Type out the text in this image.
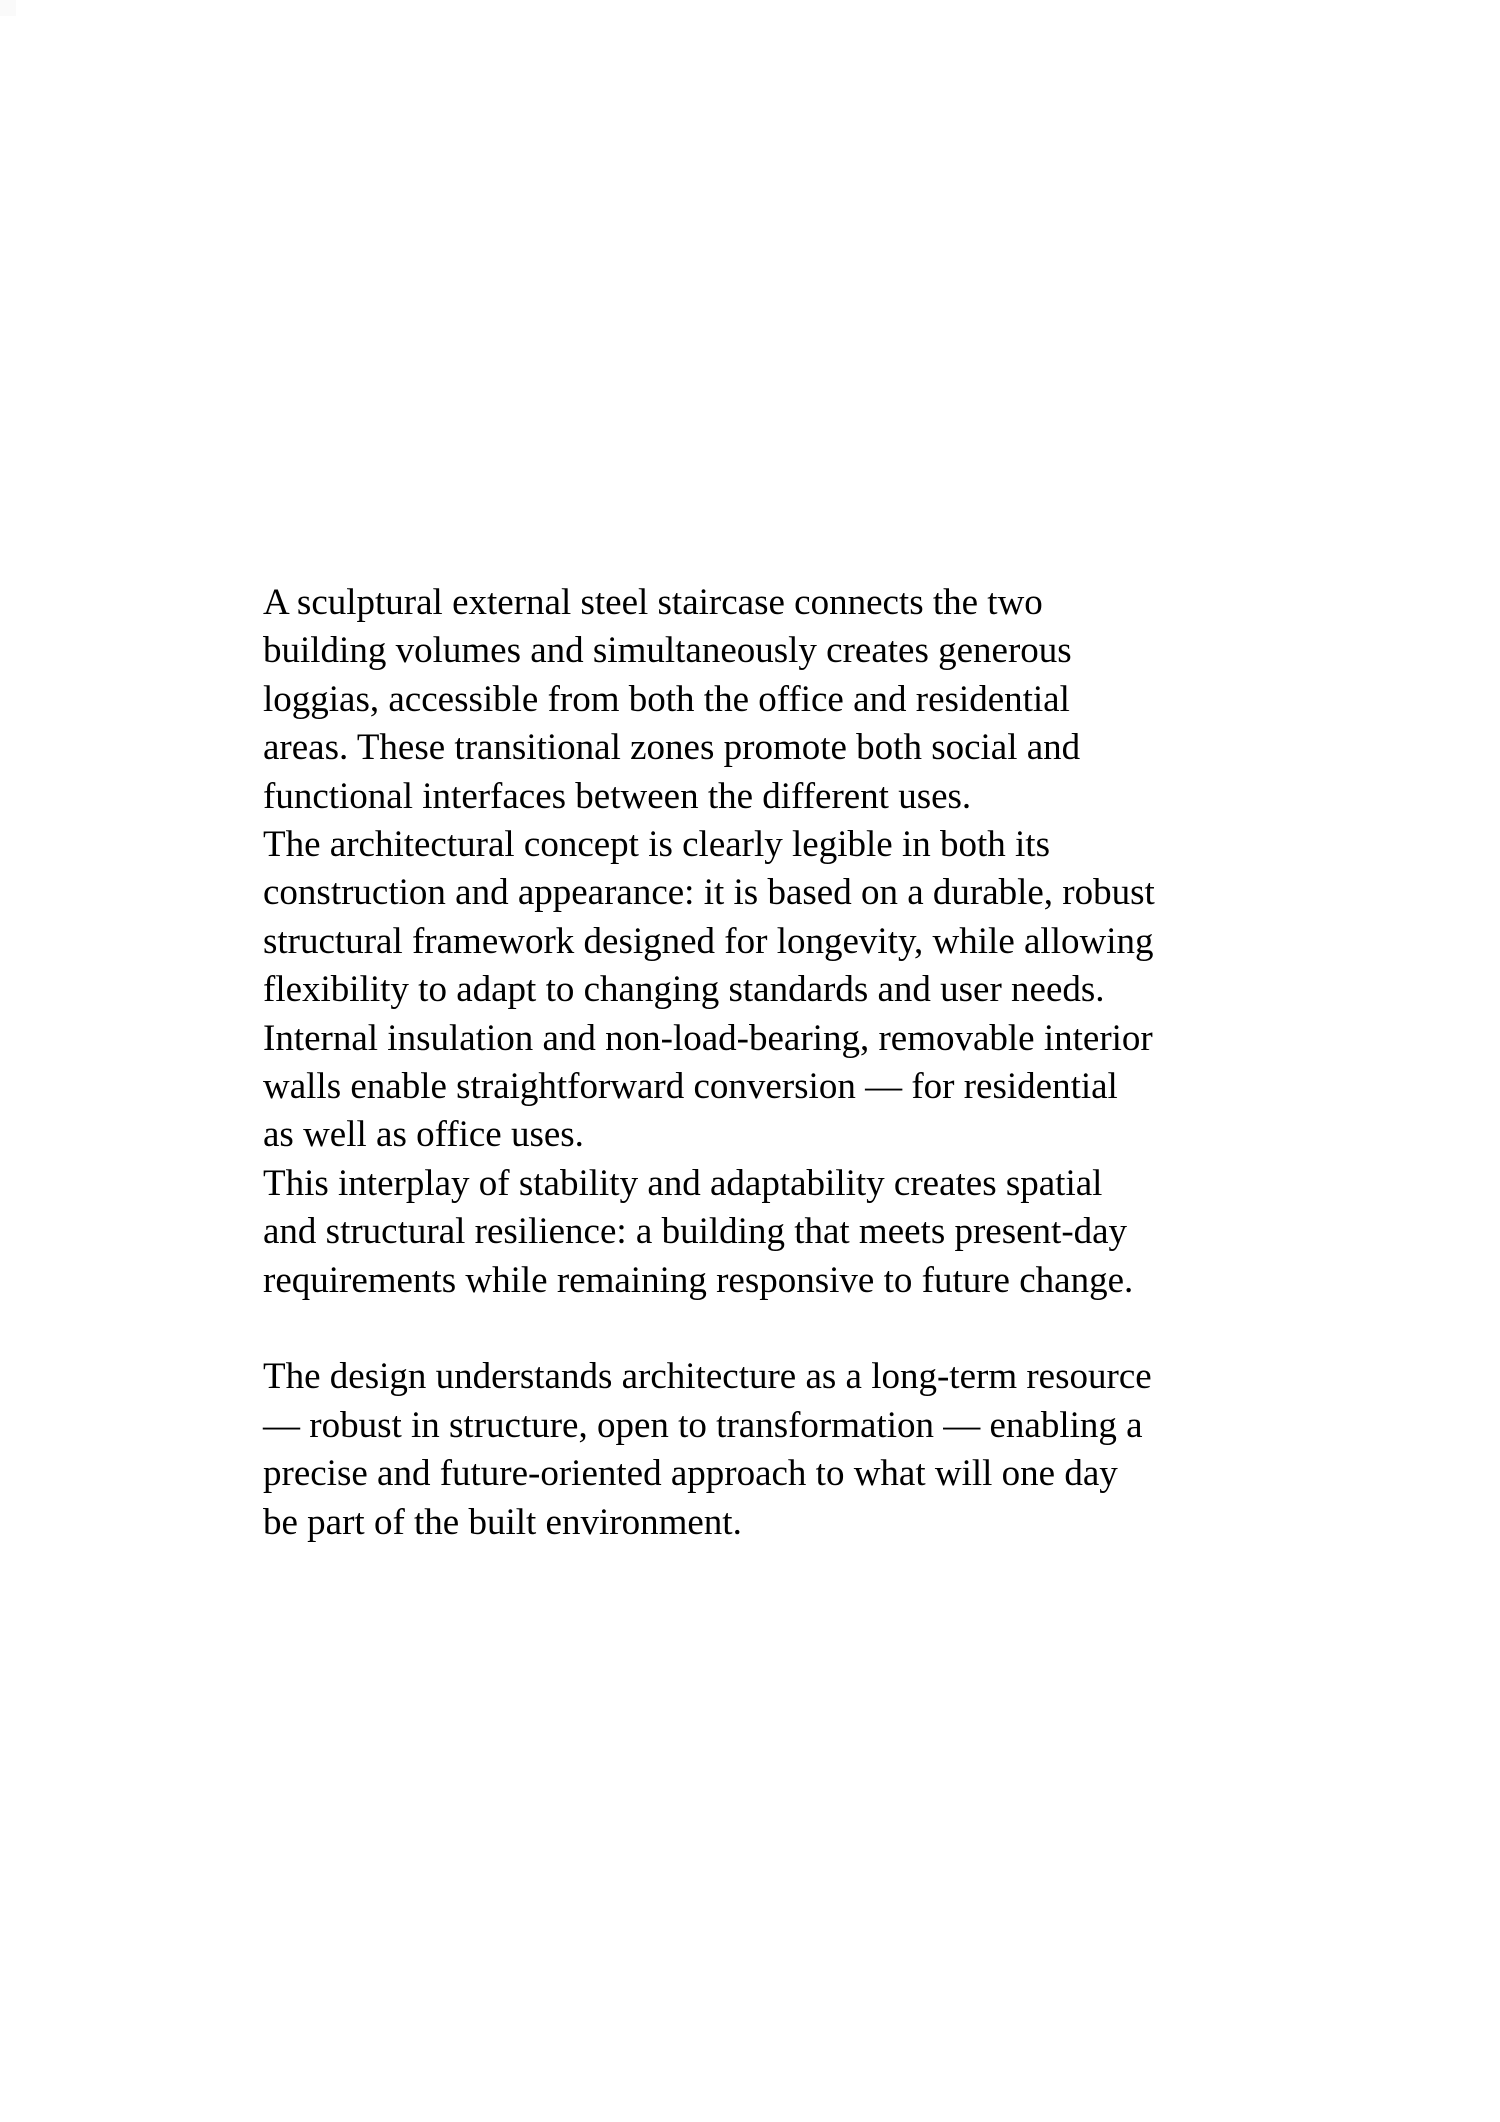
A sculptural external steel staircase connects the two
building volumes and simultaneously creates generous
loggias, accessible from both the office and residential
areas. These transitional zones promote both social and
functional interfaces between the different uses.
The architectural concept is clearly legible in both its
construction and appearance: it is based on a durable, robust
structural framework designed for longevity, while allowing
flexibility to adapt to changing standards and user needs.
Internal insulation and non-load-bearing, removable interior
walls enable straightforward conversion — for residential
as well as office uses.
This interplay of stability and adaptability creates spatial
and structural resilience: a building that meets present-day
requirements while remaining responsive to future change.
The design understands architecture as a long-term resource
— robust in structure, open to transformation — enabling a
precise and future-oriented approach to what will one day
be part of the built environment.
